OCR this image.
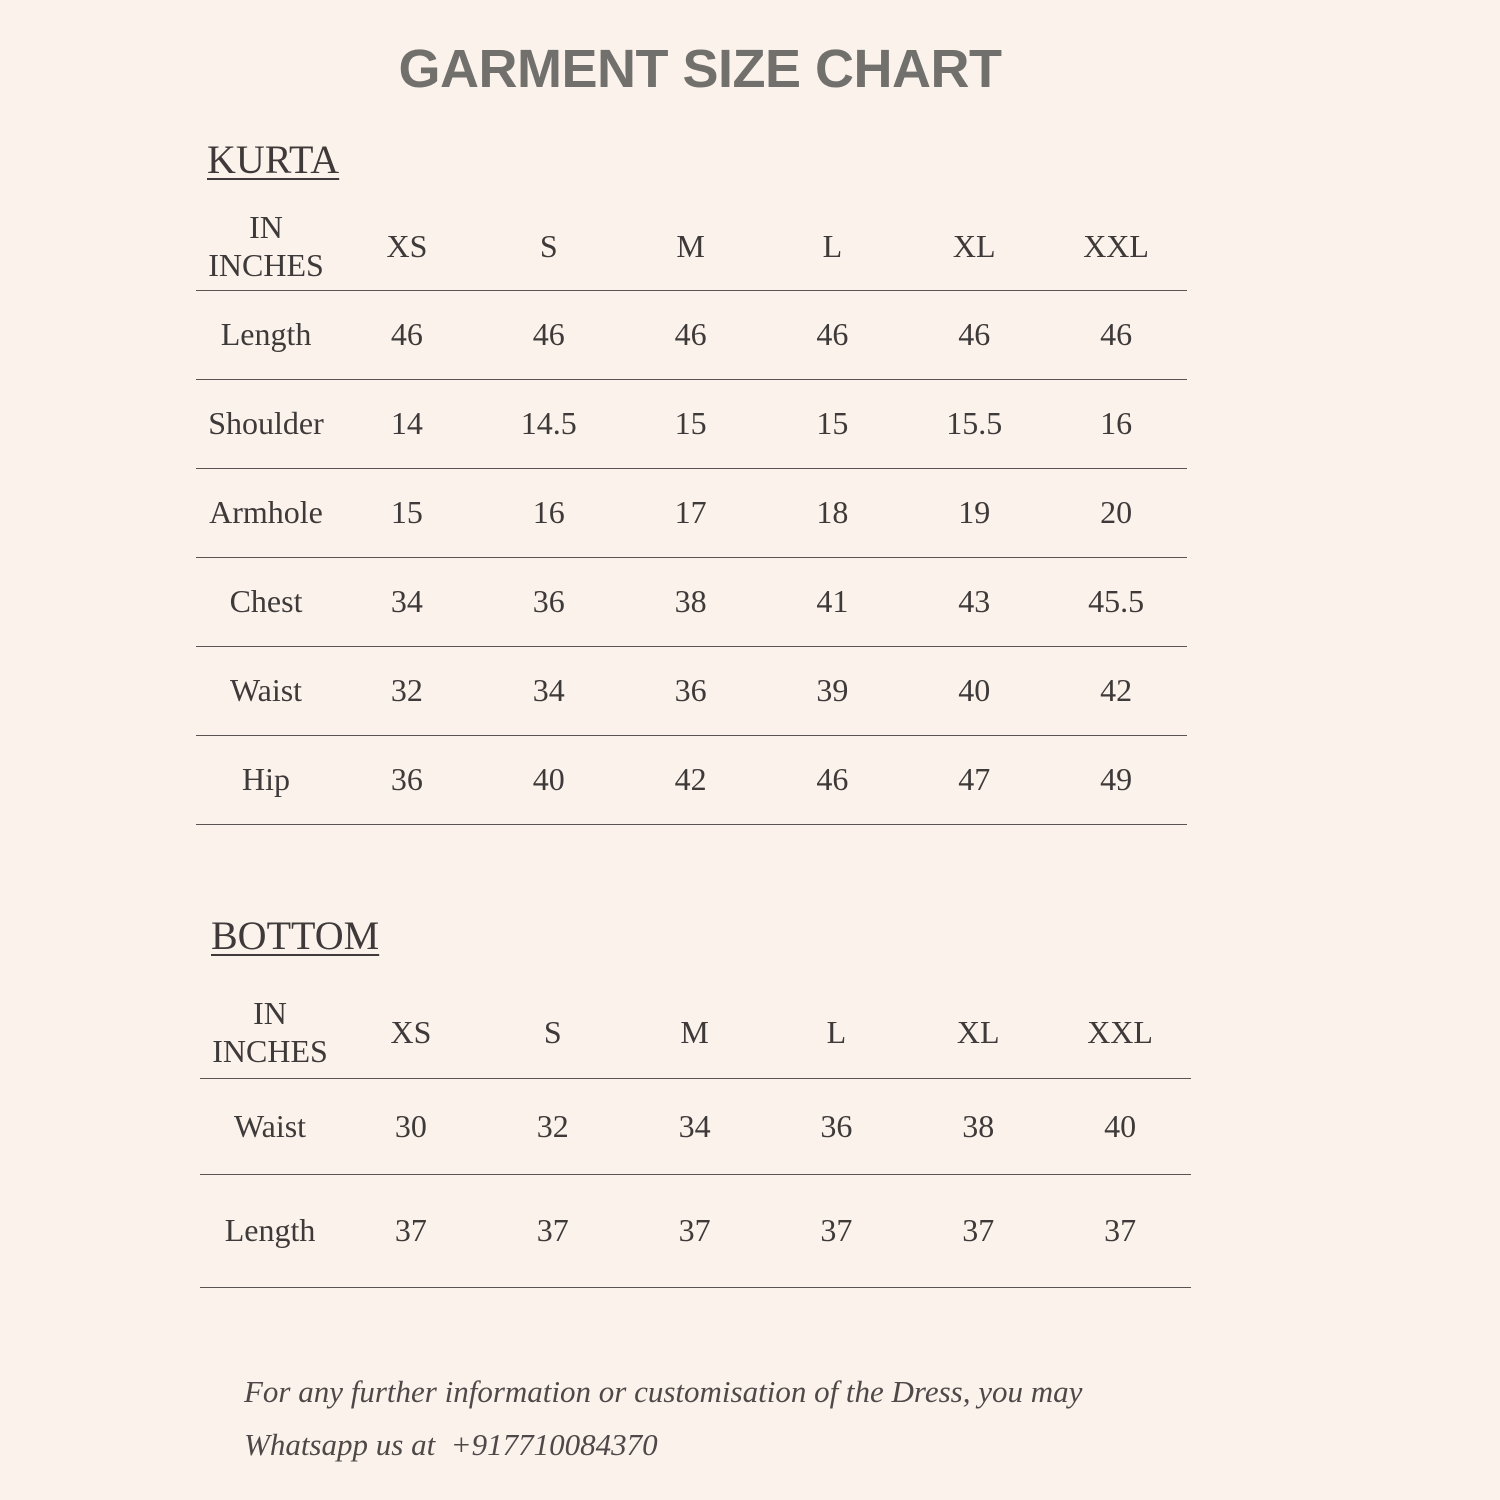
GARMENT SIZE CHART
KURTA
IN
INCHES	XS	S	M	L	XL	XXL
Length	46	46	46	46	46	46
Shoulder	14	14.5	15	15	15.5	16
Armhole	15	16	17	18	19	20
Chest	34	36	38	41	43	45.5
Waist	32	34	36	39	40	42
Hip	36	40	42	46	47	49
BOTTOM
IN
INCHES	XS	S	M	L	XL	XXL
Waist	30	32	34	36	38	40
Length	37	37	37	37	37	37
For any further information or customisation of the Dress, you may
Whatsapp us at  +917710084370
